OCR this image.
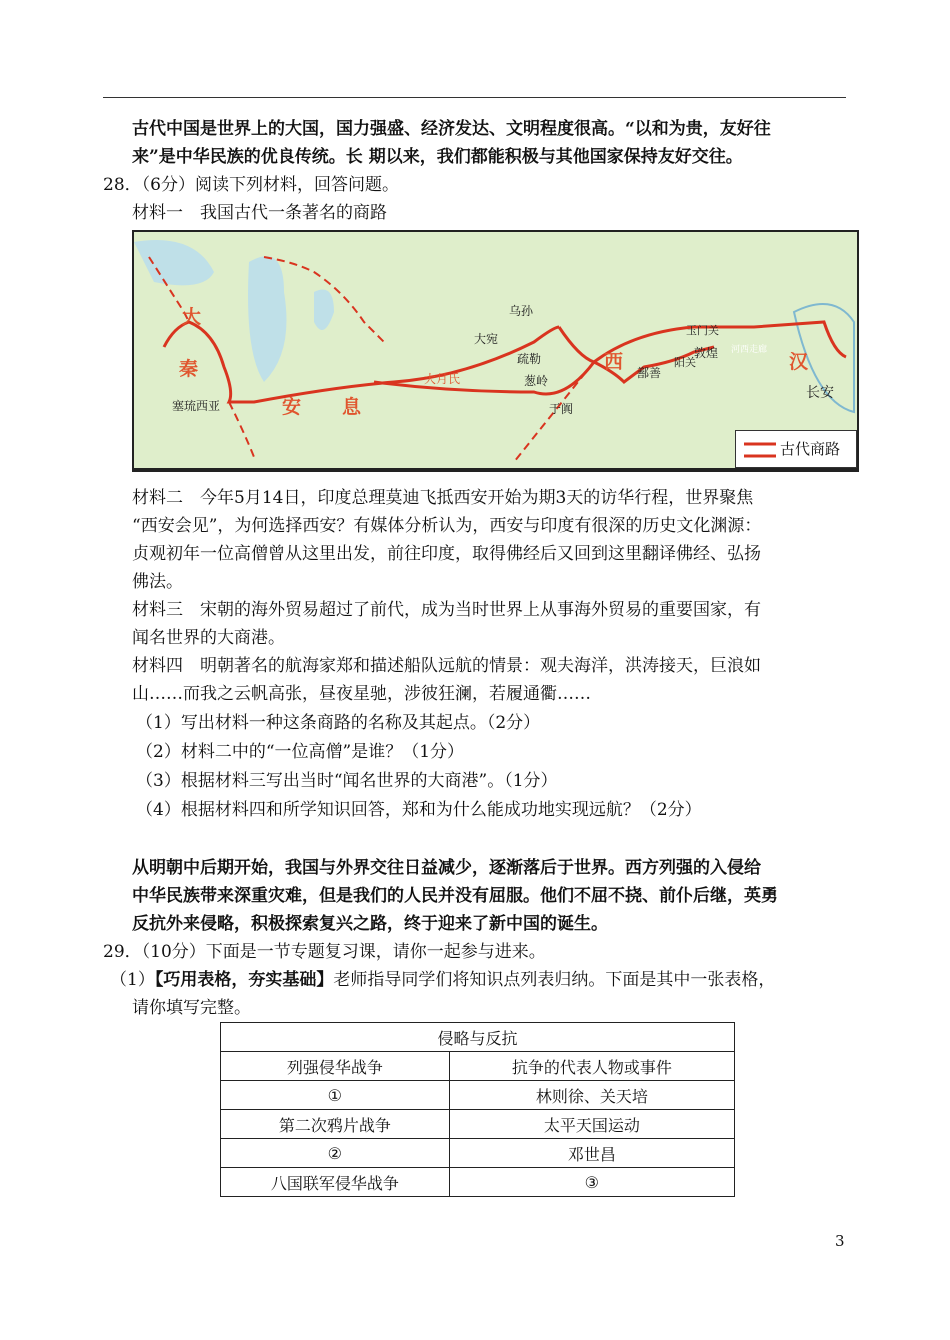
古代中国是世界上的大国，国力强盛、经济发达、文明程度很高。“以和为贵，友好往
来”是中华民族的优良传统。长 期以来，我们都能积极与其他国家保持友好交往。
28．（6分）阅读下列材料，回答问题。
材料一　我国古代一条著名的商路
大
秦
安 息
西	汉
长安
玉门关
敦煌
阳关
河西走廊
鄯善
于阗
疏勒
葱岭
大宛
乌孙
大月氏
塞琉西亚
古代商路
材料二　今年5月14日，印度总理莫迪飞抵西安开始为期3天的访华行程，世界聚焦
“西安会见”，为何选择西安？有媒体分析认为，西安与印度有很深的历史文化渊源：
贞观初年一位高僧曾从这里出发，前往印度，取得佛经后又回到这里翻译佛经、弘扬
佛法。
材料三　宋朝的海外贸易超过了前代，成为当时世界上从事海外贸易的重要国家，有
闻名世界的大商港。
材料四　明朝著名的航海家郑和描述船队远航的情景：观夫海洋，洪涛接天，巨浪如
山……而我之云帆高张，昼夜星驰，涉彼狂澜，若履通衢……
（1）写出材料一种这条商路的名称及其起点。（2分）
（2）材料二中的“一位高僧”是谁？（1分）
（3）根据材料三写出当时“闻名世界的大商港”。（1分）
（4）根据材料四和所学知识回答，郑和为什么能成功地实现远航？（2分）
从明朝中后期开始，我国与外界交往日益减少，逐渐落后于世界。西方列强的入侵给
中华民族带来深重灾难，但是我们的人民并没有屈服。他们不屈不挠、前仆后继，英勇
反抗外来侵略，积极探索复兴之路，终于迎来了新中国的诞生。
29．（10分）下面是一节专题复习课，请你一起参与进来。
（1）【巧用表格，夯实基础】老师指导同学们将知识点列表归纳。下面是其中一张表格，
请你填写完整。
侵略与反抗	
列强侵华战争	抗争的代表人物或事件
①	林则徐、关天培
第二次鸦片战争	太平天国运动
②	邓世昌
八国联军侵华战争	③
3
